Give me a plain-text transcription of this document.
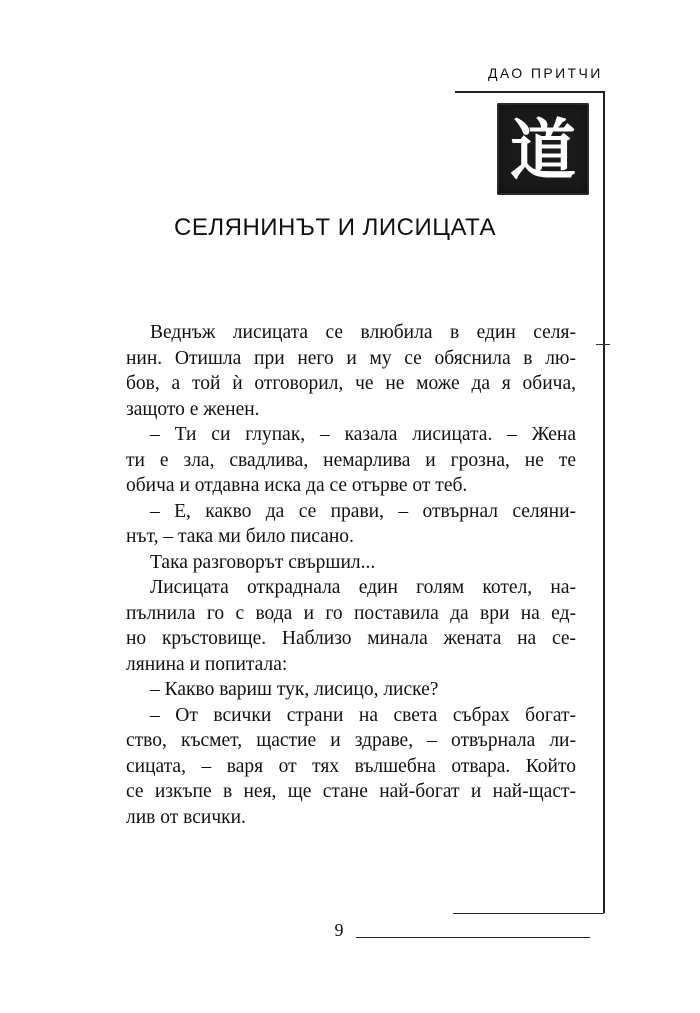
ДАО ПРИТЧИ
道
СЕЛЯНИНЪТ И ЛИСИЦАТА
Веднъж лисицата се влюбила в един селя-
нин. Отишла при него и му се обяснила в лю-
бов, а той ѝ отговорил, че не може да я обича,
защото е женен.
– Ти си глупак, – казала лисицата. – Жена
ти е зла, свадлива, немарлива и грозна, не те
обича и отдавна иска да се отърве от теб.
– Е, какво да се прави, – отвърнал селяни-
нът, – така ми било писано.
Така разговорът свършил...
Лисицата откраднала един голям котел, на-
пълнила го с вода и го поставила да ври на ед-
но кръстовище. Наблизо минала жената на се-
лянина и попитала:
– Какво вариш тук, лисицо, лиске?
– От всички страни на света събрах богат-
ство, късмет, щастие и здраве, – отвърнала ли-
сицата, – варя от тях вълшебна отвара. Който
се изкъпе в нея, ще стане най-богат и най-щаст-
лив от всички.
9
